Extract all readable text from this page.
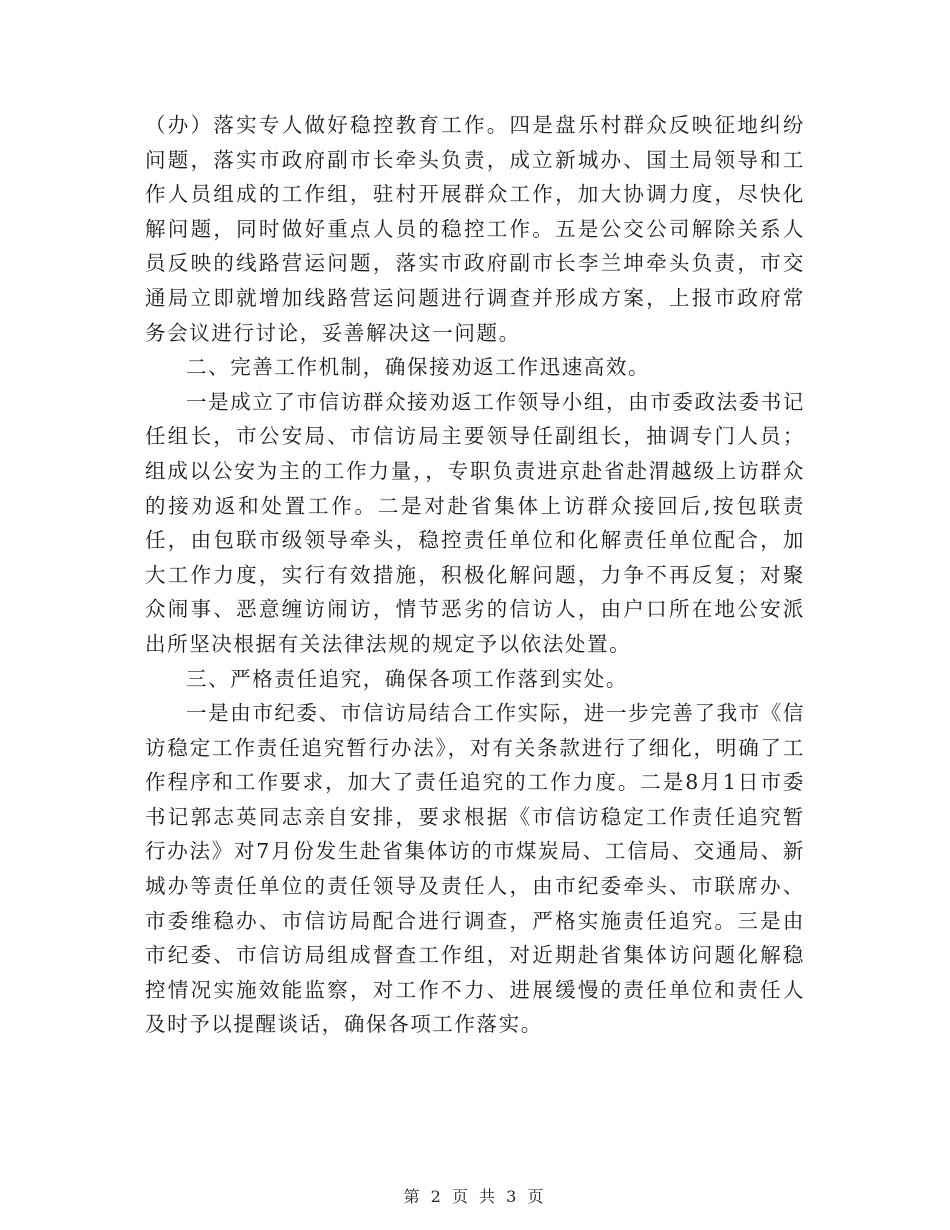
（办）落实专人做好稳控教育工作。四是盘乐村群众反映征地纠纷问题，落实市政府副市长牵头负责，成立新城办、国土局领导和工作人员组成的工作组，驻村开展群众工作，加大协调力度，尽快化解问题，同时做好重点人员的稳控工作。五是公交公司解除关系人员反映的线路营运问题，落实市政府副市长李兰坤牵头负责，市交通局立即就增加线路营运问题进行调查并形成方案，上报市政府常务会议进行讨论，妥善解决这一问题。

二、完善工作机制，确保接劝返工作迅速高效。

一是成立了市信访群众接劝返工作领导小组，由市委政法委书记任组长，市公安局、市信访局主要领导任副组长，抽调专门人员；组成以公安为主的工作力量，，专职负责进京赴省赴渭越级上访群众的接劝返和处置工作。二是对赴省集体上访群众接回后,按包联责任，由包联市级领导牵头，稳控责任单位和化解责任单位配合，加大工作力度，实行有效措施，积极化解问题，力争不再反复；对聚众闹事、恶意缠访闹访，情节恶劣的信访人，由户口所在地公安派出所坚决根据有关法律法规的规定予以依法处置。

三、严格责任追究，确保各项工作落到实处。

一是由市纪委、市信访局结合工作实际，进一步完善了我市《信访稳定工作责任追究暂行办法》，对有关条款进行了细化，明确了工作程序和工作要求，加大了责任追究的工作力度。二是8月1日市委书记郭志英同志亲自安排，要求根据《市信访稳定工作责任追究暂行办法》对7月份发生赴省集体访的市煤炭局、工信局、交通局、新城办等责任单位的责任领导及责任人，由市纪委牵头、市联席办、市委维稳办、市信访局配合进行调查，严格实施责任追究。三是由市纪委、市信访局组成督查工作组，对近期赴省集体访问题化解稳控情况实施效能监察，对工作不力、进展缓慢的责任单位和责任人及时予以提醒谈话，确保各项工作落实。

第 2 页 共 3 页
